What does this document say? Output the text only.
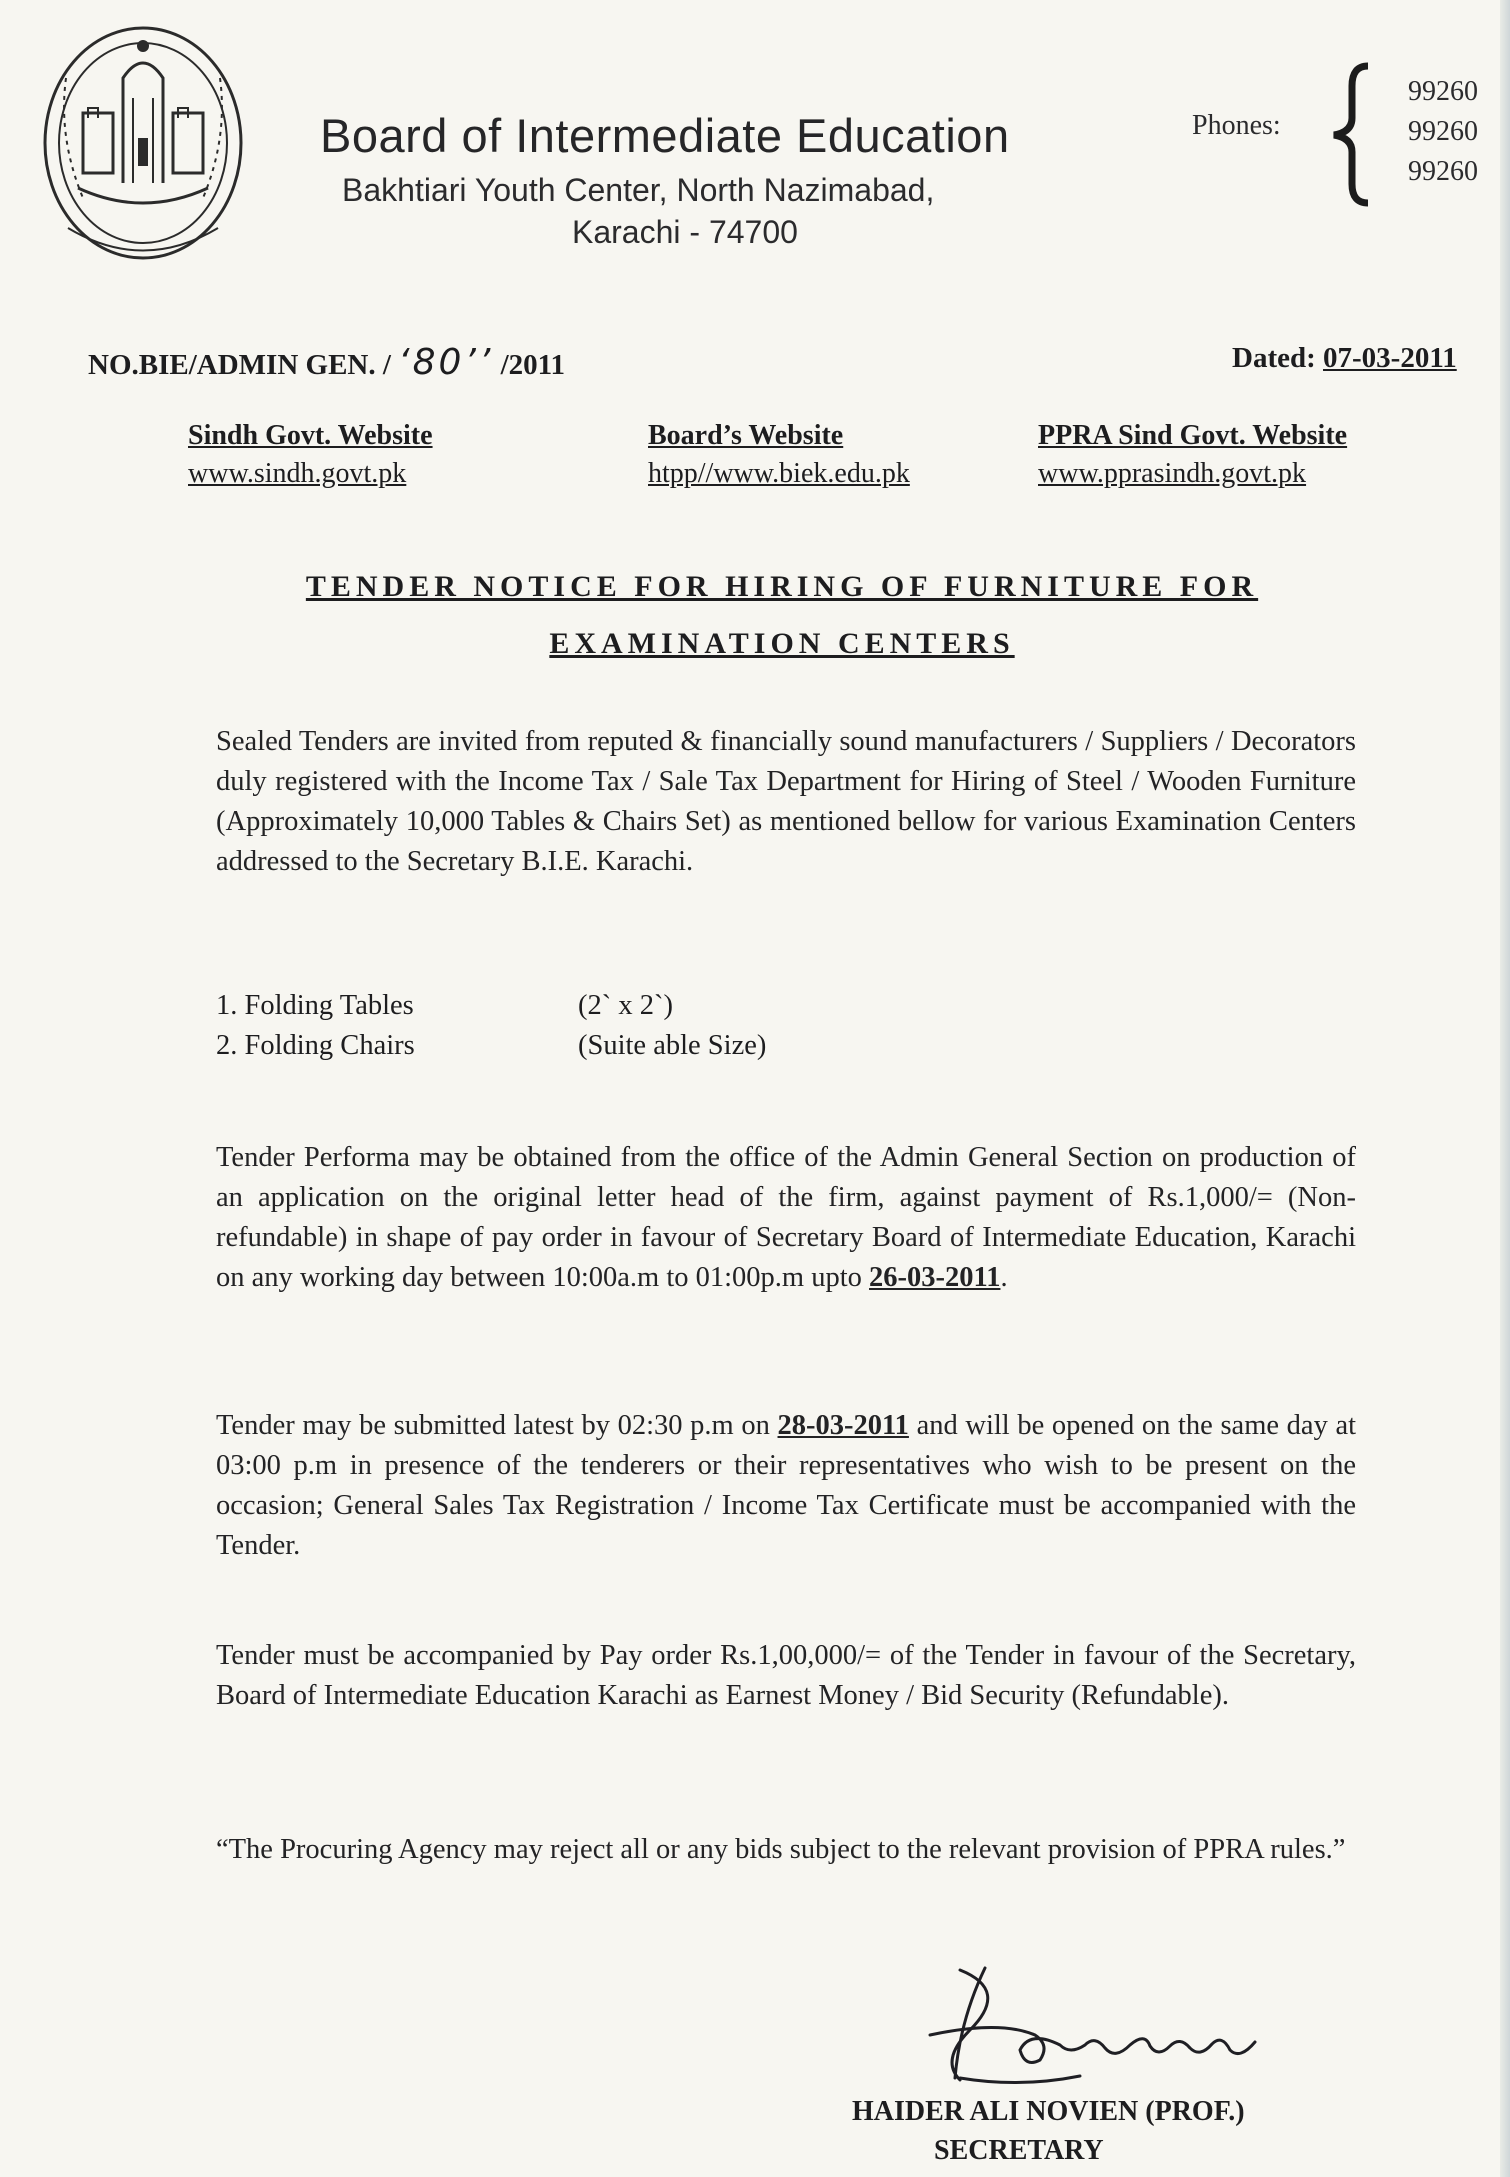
Board of Intermediate Education
Bakhtiari Youth Center, North Nazimabad,
Karachi - 74700
Phones:
99260
99260
99260
NO.BIE/ADMIN GEN. / ‘80’’ /2011	Dated: 07-03-2011
Sindh Govt. Website
www.sindh.govt.pk
Board’s Website
htpp//www.biek.edu.pk
PPRA Sind Govt. Website
www.pprasindh.govt.pk
TENDER NOTICE FOR HIRING OF FURNITURE FOR
EXAMINATION CENTERS
Sealed Tenders are invited from reputed & financially sound manufacturers / Suppliers / Decorators duly registered with the Income Tax / Sale Tax Department for Hiring of Steel / Wooden Furniture (Approximately 10,000 Tables & Chairs Set) as mentioned bellow for various Examination Centers addressed to the Secretary B.I.E. Karachi.
1. Folding Tables	(2` x 2`)
2. Folding Chairs	(Suite able Size)
Tender Performa may be obtained from the office of the Admin General Section on production of an application on the original letter head of the firm, against payment of Rs.1,000/= (Non-refundable) in shape of pay order in favour of Secretary Board of Intermediate Education, Karachi on any working day between 10:00a.m to 01:00p.m upto 26-03-2011.
Tender may be submitted latest by 02:30 p.m on 28-03-2011 and will be opened on the same day at 03:00 p.m in presence of the tenderers or their representatives who wish to be present on the occasion; General Sales Tax Registration / Income Tax Certificate must be accompanied with the Tender.
Tender must be accompanied by Pay order Rs.1,00,000/= of the Tender in favour of the Secretary, Board of Intermediate Education Karachi as Earnest Money / Bid Security (Refundable).
“The Procuring Agency may reject all or any bids subject to the relevant provision of PPRA rules.”
HAIDER ALI NOVIEN (PROF.)
SECRETARY
